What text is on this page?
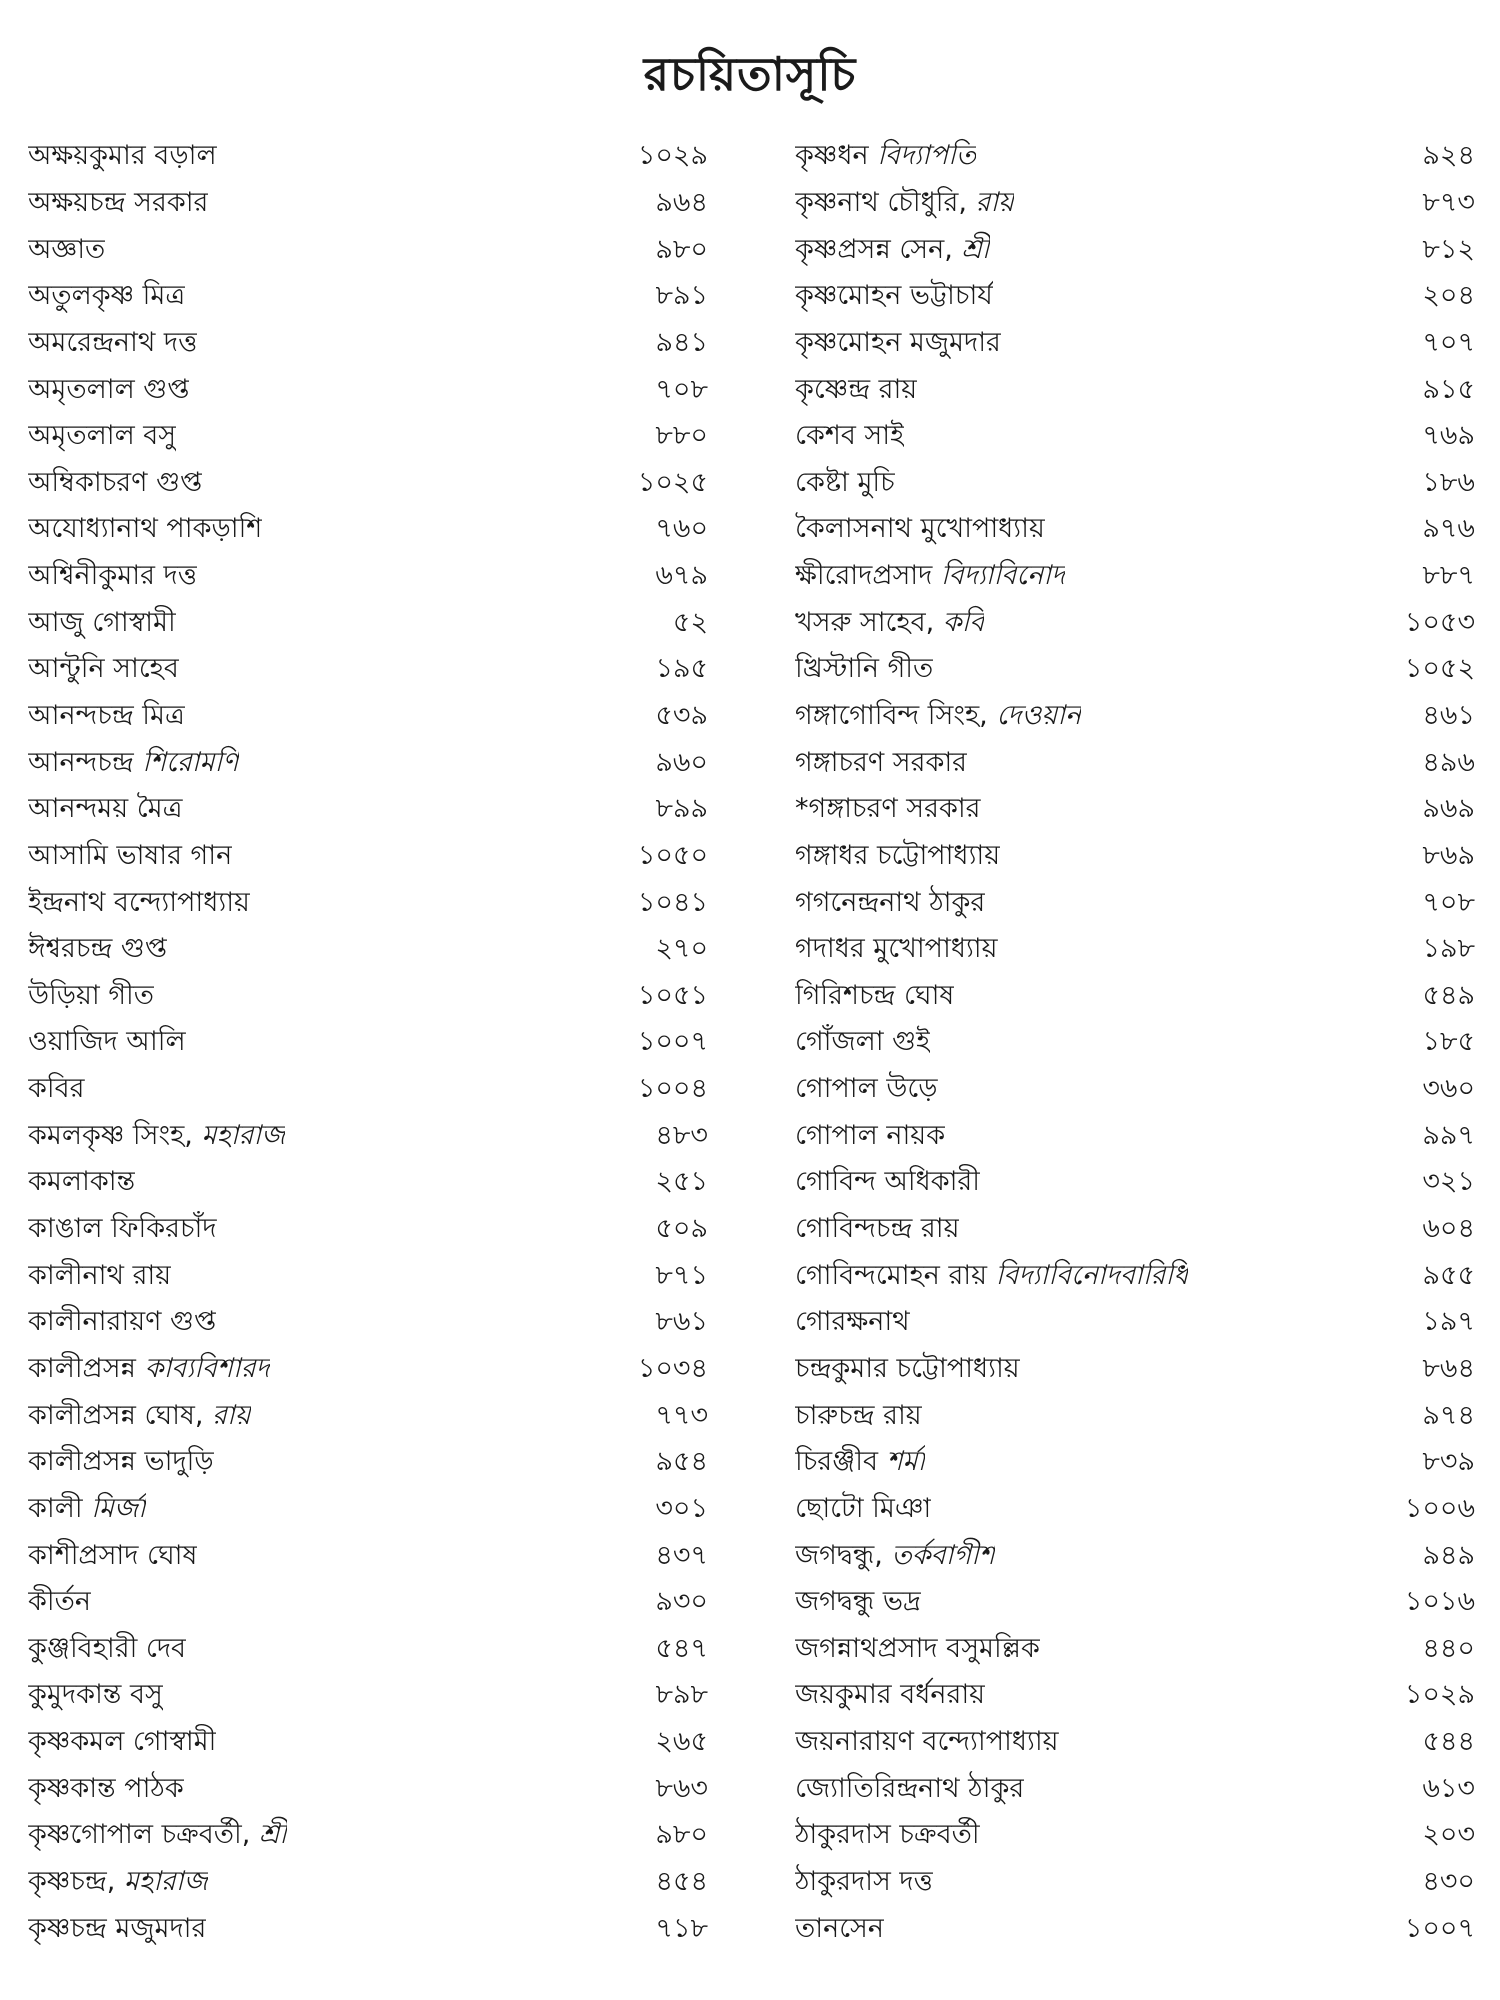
রচয়িতাসূচি
অক্ষয়কুমার বড়াল	১০২৯
অক্ষয়চন্দ্র সরকার	৯৬৪
অজ্ঞাত	৯৮০
অতুলকৃষ্ণ মিত্র	৮৯১
অমরেন্দ্রনাথ দত্ত	৯৪১
অমৃতলাল গুপ্ত	৭০৮
অমৃতলাল বসু	৮৮০
অম্বিকাচরণ গুপ্ত	১০২৫
অযোধ্যানাথ পাকড়াশি	৭৬০
অশ্বিনীকুমার দত্ত	৬৭৯
আজু গোস্বামী	৫২
আন্টুনি সাহেব	১৯৫
আনন্দচন্দ্র মিত্র	৫৩৯
আনন্দচন্দ্র শিরোমণি	৯৬০
আনন্দময় মৈত্র	৮৯৯
আসামি ভাষার গান	১০৫০
ইন্দ্রনাথ বন্দ্যোপাধ্যায়	১০৪১
ঈশ্বরচন্দ্র গুপ্ত	২৭০
উড়িয়া গীত	১০৫১
ওয়াজিদ আলি	১০০৭
কবির	১০০৪
কমলকৃষ্ণ সিংহ, মহারাজ	৪৮৩
কমলাকান্ত	২৫১
কাঙাল ফিকিরচাঁদ	৫০৯
কালীনাথ রায়	৮৭১
কালীনারায়ণ গুপ্ত	৮৬১
কালীপ্রসন্ন কাব্যবিশারদ	১০৩৪
কালীপ্রসন্ন ঘোষ, রায়	৭৭৩
কালীপ্রসন্ন ভাদুড়ি	৯৫৪
কালী মির্জা	৩০১
কাশীপ্রসাদ ঘোষ	৪৩৭
কীর্তন	৯৩০
কুঞ্জবিহারী দেব	৫৪৭
কুমুদকান্ত বসু	৮৯৮
কৃষ্ণকমল গোস্বামী	২৬৫
কৃষ্ণকান্ত পাঠক	৮৬৩
কৃষ্ণগোপাল চক্রবর্তী, শ্রী	৯৮০
কৃষ্ণচন্দ্র, মহারাজ	৪৫৪
কৃষ্ণচন্দ্র মজুমদার	৭১৮
কৃষ্ণধন বিদ্যাপতি	৯২৪
কৃষ্ণনাথ চৌধুরি, রায়	৮৭৩
কৃষ্ণপ্রসন্ন সেন, শ্রী	৮১২
কৃষ্ণমোহন ভট্টাচার্য	২০৪
কৃষ্ণমোহন মজুমদার	৭০৭
কৃষ্ণেন্দ্র রায়	৯১৫
কেশব সাই	৭৬৯
কেষ্টা মুচি	১৮৬
কৈলাসনাথ মুখোপাধ্যায়	৯৭৬
ক্ষীরোদপ্রসাদ বিদ্যাবিনোদ	৮৮৭
খসরু সাহেব, কবি	১০৫৩
খ্রিস্টানি গীত	১০৫২
গঙ্গাগোবিন্দ সিংহ, দেওয়ান	৪৬১
গঙ্গাচরণ সরকার	৪৯৬
*গঙ্গাচরণ সরকার	৯৬৯
গঙ্গাধর চট্টোপাধ্যায়	৮৬৯
গগনেন্দ্রনাথ ঠাকুর	৭০৮
গদাধর মুখোপাধ্যায়	১৯৮
গিরিশচন্দ্র ঘোষ	৫৪৯
গোঁজলা গুই	১৮৫
গোপাল উড়ে	৩৬০
গোপাল নায়ক	৯৯৭
গোবিন্দ অধিকারী	৩২১
গোবিন্দচন্দ্র রায়	৬০৪
গোবিন্দমোহন রায় বিদ্যাবিনোদবারিধি	৯৫৫
গোরক্ষনাথ	১৯৭
চন্দ্রকুমার চট্টোপাধ্যায়	৮৬৪
চারুচন্দ্র রায়	৯৭৪
চিরঞ্জীব শর্মা	৮৩৯
ছোটো মিঞা	১০০৬
জগদ্বন্ধু, তর্কবাগীশ	৯৪৯
জগদ্বন্ধু ভদ্র	১০১৬
জগন্নাথপ্রসাদ বসুমল্লিক	৪৪০
জয়কুমার বর্ধনরায়	১০২৯
জয়নারায়ণ বন্দ্যোপাধ্যায়	৫৪৪
জ্যোতিরিন্দ্রনাথ ঠাকুর	৬১৩
ঠাকুরদাস চক্রবর্তী	২০৩
ঠাকুরদাস দত্ত	৪৩০
তানসেন	১০০৭
